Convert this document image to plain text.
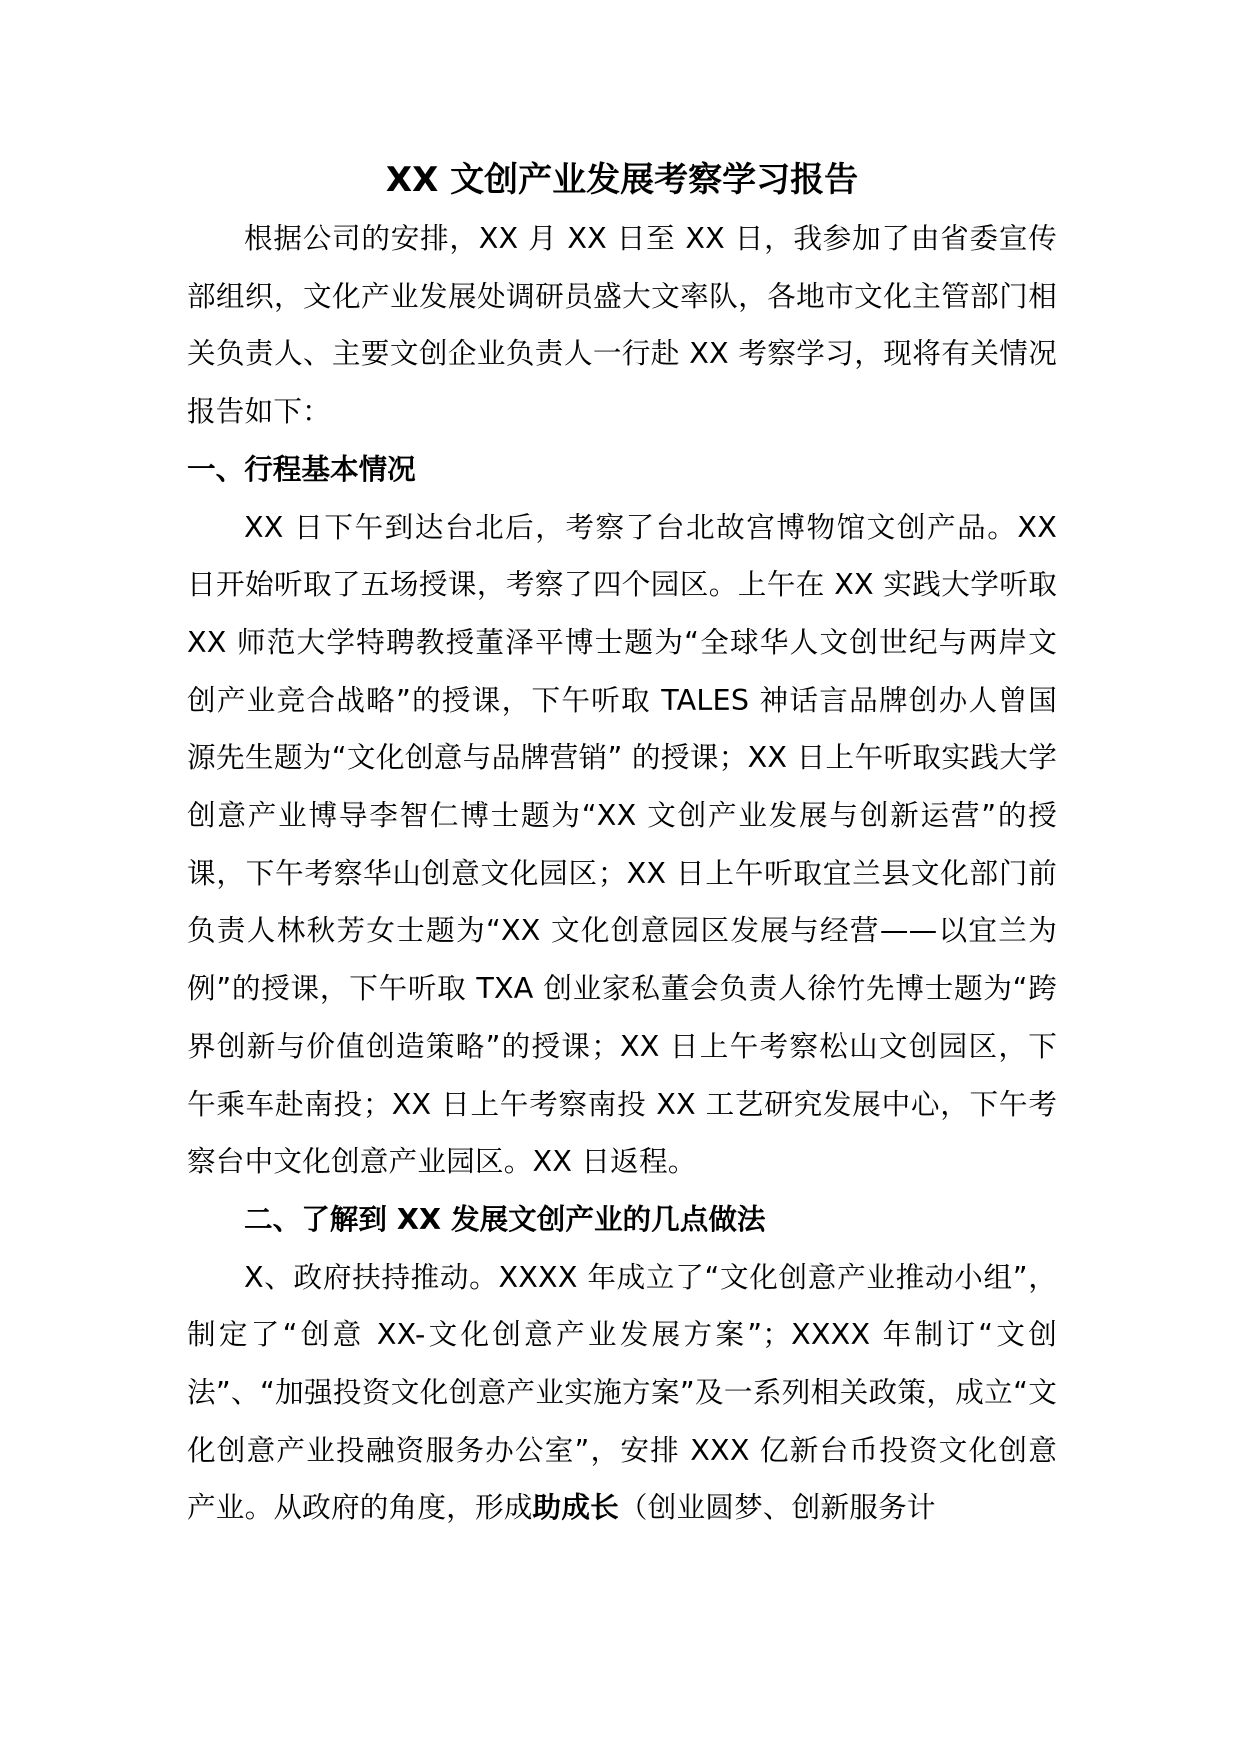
XX 文创产业发展考察学习报告

根据公司的安排，XX 月 XX 日至 XX 日，我参加了由省委宣传部组织，文化产业发展处调研员盛大文率队，各地市文化主管部门相关负责人、主要文创企业负责人一行赴 XX 考察学习，现将有关情况报告如下：

一、行程基本情况

XX 日下午到达台北后，考察了台北故宫博物馆文创产品。XX 日开始听取了五场授课，考察了四个园区。上午在 XX 实践大学听取 XX 师范大学特聘教授董泽平博士题为“全球华人文创世纪与两岸文创产业竞合战略”的授课，下午听取 TALES 神话言品牌创办人曾国源先生题为“文化创意与品牌营销” 的授课；XX 日上午听取实践大学创意产业博导李智仁博士题为“XX 文创产业发展与创新运营”的授课，下午考察华山创意文化园区；XX 日上午听取宜兰县文化部门前负责人林秋芳女士题为“XX 文化创意园区发展与经营——以宜兰为例”的授课，下午听取 TXA 创业家私董会负责人徐竹先博士题为“跨界创新与价值创造策略”的授课；XX 日上午考察松山文创园区，下午乘车赴南投；XX 日上午考察南投 XX 工艺研究发展中心，下午考察台中文化创意产业园区。XX 日返程。

二、了解到 XX 发展文创产业的几点做法

X、政府扶持推动。XXXX 年成立了“文化创意产业推动小组”，制定了“创意 XX-文化创意产业发展方案”；XXXX 年制订“文创法”、“加强投资文化创意产业实施方案”及一系列相关政策，成立“文化创意产业投融资服务办公室”，安排 XXX 亿新台币投资文化创意产业。从政府的角度，形成助成长（创业圆梦、创新服务计
